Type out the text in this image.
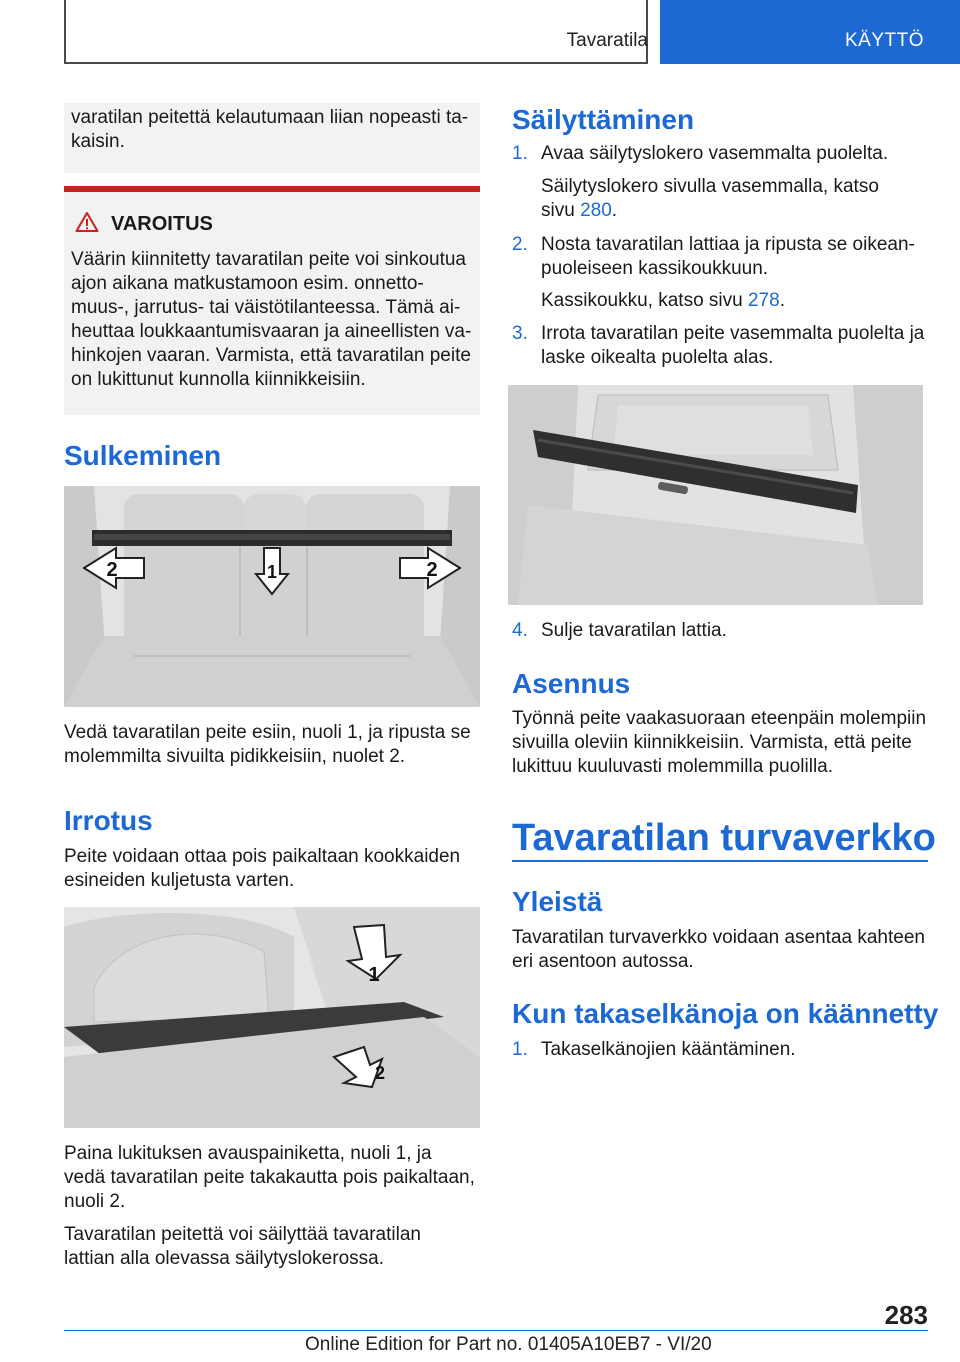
Tavaratila	KÄYTTÖ

varatilan peitettä kelautumaan liian nopeasti ta-kaisin.

VAROITUS

Väärin kiinnitetty tavaratilan peite voi sinkoutua ajon aikana matkustamoon esim. onnetto-muus-, jarrutus- tai väistötilanteessa. Tämä ai-heuttaa loukkaantumisvaaran ja aineellisten va-hinkojen vaaran. Varmista, että tavaratilan peite on lukittunut kunnolla kiinnikkeisiin.

Sulkeminen

2	1	2

Vedä tavaratilan peite esiin, nuoli 1, ja ripusta se molemmilta sivuilta pidikkeisiin, nuolet 2.

Irrotus

Peite voidaan ottaa pois paikaltaan kookkaiden esineiden kuljetusta varten.

1
2

Paina lukituksen avauspainiketta, nuoli 1, ja vedä tavaratilan peite takakautta pois paikaltaan, nuoli 2.

Tavaratilan peitettä voi säilyttää tavaratilan lattian alla olevassa säilytyslokerossa.

Säilyttäminen

1. Avaa säilytyslokero vasemmalta puolelta.
Säilytyslokero sivulla vasemmalla, katso sivu 280.
2. Nosta tavaratilan lattiaa ja ripusta se oikean-puoleiseen kassikoukkuun.
Kassikoukku, katso sivu 278.
3. Irrota tavaratilan peite vasemmalta puolelta ja laske oikealta puolelta alas.
4. Sulje tavaratilan lattia.

Asennus

Työnnä peite vaakasuoraan eteenpäin molempiin sivuilla oleviin kiinnikkeisiin. Varmista, että peite lukittuu kuuluvasti molemmilla puolilla.

Tavaratilan turvaverkko

Yleistä

Tavaratilan turvaverkko voidaan asentaa kahteen eri asentoon autossa.

Kun takaselkänoja on käännetty

1. Takaselkänojien kääntäminen.

283

Online Edition for Part no. 01405A10EB7 - VI/20
